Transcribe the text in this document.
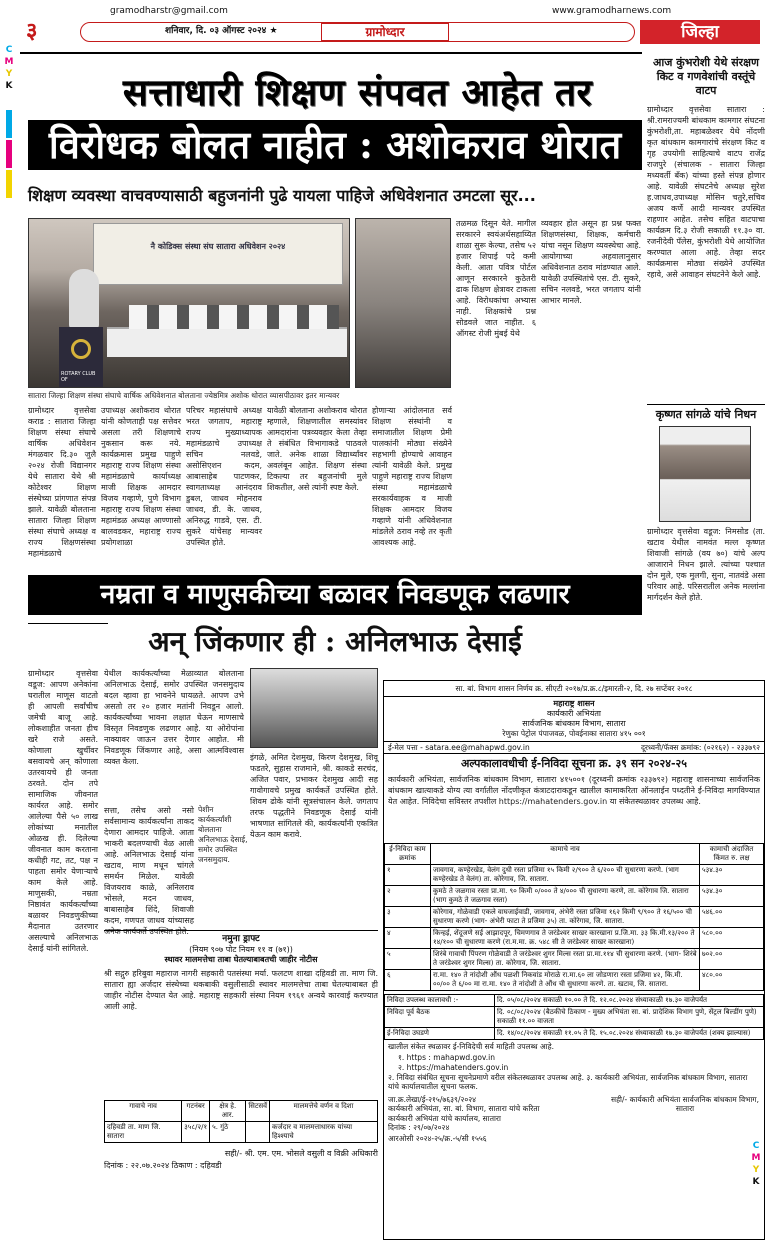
C
M
Y
K
C
M
Y
K
३
gramodharstr@gmail.com	www.gramodharnews.com
शनिवार, दि. ०३ ऑगस्ट २०२४ ★	ग्रामोध्दार	जिल्हा
सत्ताधारी शिक्षण संपवत आहेत तर
विरोधक बोलत नाहीत : अशोकराव थोरात
शिक्षण व्यवस्था वाचवण्यासाठी बहुजनांनी पुढे यायला पाहिजे अधिवेशनात उमटला सूर...
नै कोडिक्स संस्था संघ सातारा अधिवेशन २०२४
ROTARY CLUB OF
सातारा जिल्हा शिक्षण संस्था संघाचे वार्षिक अधिवेशनात बोलताना ज्येष्ठमित्र अशोक थोरात व्यासपीठावर इतर मान्यवर
ग्रामोध्दार वृत्तसेवा कराड : सातारा जिल्हा शिक्षण संस्था संघाचे वार्षिक अधिवेशन मंगळवार दि.३० जुलै २०२४ रोजी विद्यानगर येथे सातारा येथे श्री कोटेश्वर शिक्षण संस्थेच्या प्रांगणात संपन्न झाले. यावेळी बोलताना सातारा जिल्हा शिक्षण संस्था संघाचे अध्यक्ष व राज्य शिक्षणसंस्था महामंडळाचे
उपाध्यक्ष अशोकराव थोरात यांनी कोणताही पक्ष सत्तेवर असला तरी शिक्षणाचे नुकसान करू नये. कार्यक्रमास प्रमुख पाहुणे महाराष्ट्र राज्य शिक्षण संस्था महामंडळाचे कार्याध्यक्ष माजी शिक्षक आमदार विजय गव्हाणे, पुणे विभाग महाराष्ट्र राज्य शिक्षण संस्था महामंडळ अध्यक्ष आण्णासो बालवडकर, महाराष्ट्र राज्य प्रयोगशाळा
परिचर महासंघाचे अध्यक्ष भरत जगताप, महाराष्ट्र राज्य मुख्याध्यापक महामंडळाचे उपाध्यक्ष सचिन नलवडे, असोसिएशन कदम, आबासाहेब पाटणकर, स्वागताध्यक्ष आनंदराव डुबल, जाधव मोहनराव जाधव, डी. के. जाधव, अनिरुद्ध गाडवे, एस. टी. सुकरे यांचेसह मान्यवर उपस्थित होते.
यावेळी बोलताना अशोकराव थोरात म्हणाले, शिक्षणातील समस्यांवर आमदारांना पत्रव्यवहार केला तेव्हा ते संबंधित विभागाकडे पाठवले जाते. अनेक शाळा विद्यार्थ्यांवर अवलंबून आहेत. शिक्षण संस्था टिकल्या तर बहुजनांची मुले शिकतील, असे त्यांनी स्पष्ट केले.
तळमळ दिसून येते. मागील सरकारने स्वयंअर्थसहाय्यित शाळा सुरू केल्या, तसेच ५२ हजार शिपाई पदे कमी केली. आता पवित्र पोर्टल आणून सरकारने कुठेतरी ढाक शिक्षण क्षेत्रावर टाकला आहे. विरोधकांचा अभ्यास नाही. शिक्षकांचे प्रश्न सोडवले जात नाहीत. ६ ऑगस्ट रोजी मुंबई येथे
व्यवहार होत असून हा प्रश्न फक्त शिक्षणसंस्था, शिक्षक, कर्मचारी यांचा नसून शिक्षण व्यवस्थेचा आहे. आयोगाच्या अहवालानुसार अधिवेशनात ठराव मांडण्यात आले. यावेळी उपस्थितांचे एस. टी. सुकरे, सचिन नलवडे, भरत जगताप यांनी आभार मानले.
होणाऱ्या आंदोलनात सर्व शिक्षण संस्थांनी व समाजातील शिक्षण प्रेमी पालकांनी मोठ्या संख्येने सहभागी होण्याचे आवाहन त्यांनी यावेळी केले. प्रमुख पाहुणे महाराष्ट्र राज्य शिक्षण संस्था महामंडळाचे सरकार्यवाहक व माजी शिक्षक आमदार विजय गव्हाणे यांनी अधिवेशनात मांडलेले ठराव नव्हे तर कृती आवश्यक आहे.
आज कुंभरोशी येथे संरक्षण किट व गणवेशांची वस्तूंचे वाटप
ग्रामोध्दार वृत्तसेवा सातारा : श्री.रामराज्यमी बांधकाम कामगार संघटना कुंभरोशी,ता. महाबळेश्वर येथे नोंदणी कृत बांधकाम कामगारांचे संरक्षण किट व गृह उपयोगी साहित्याचे वाटप राजेंद्र राजपुरे (संचालक - सातारा जिल्हा मध्यवर्ती बँक) यांच्या हस्ते संपन्न होणार आहे. यावेळी संघटनेचे अध्यक्ष सुरेश ह.जाधव,उपाध्यक्ष मोसिन चतुरे,सचिव अजय कर्णे आदी मान्यवर उपस्थित राहणार आहेत. तसेच सहित वाटपाचा कार्यक्रम दि.३ रोजी सकाळी ११.३० वा. रजनीदेवी पॅलेस, कुंभरोशी येथे आयोजित करण्यात आला आहे. तेव्हा सदर कार्यक्रमास मोठ्या संख्येने उपस्थित रहावे, असे आवाहन संघटनेने केले आहे.
कृष्णत सांगळे यांचे निधन
ग्रामोध्दार वृत्तसेवा वडूज: निमसोड (ता. खटाव येथील नामवंत मल्ल कृष्णत शिवाजी सांगळे (वय ७०) यांचे अल्प आजाराने निधन झाले. त्यांच्या पश्चात दोन मुले, एक मुलगी, सुना, नातवंडे असा परिवार आहे. परिसरातील अनेक मल्लांना मार्गदर्शन केले होते.
नम्रता व माणुसकीच्या बळावर निवडणूक लढणार
अन् जिंकणार ही : अनिलभाऊ देसाई
ग्रामोध्दार वृत्तसेवा वडूज: आपण अनेकांना घरातील माणूस वाटतो ही आपली सर्वांचीच जमेची बाजू आहे. लोकशाहीत जनता हीच खरे राजे असते. कोणाला खुर्चीवर बसवायचे अन् कोणाला उतरवायचे ही जनता ठरवते. दोन तपे सामाजिक जीवनात कार्यरत आहे. समोर आलेल्या पैसे ५० लाख लोकांच्या मनातील ओळख ही. दिलेल्या जीवनात काम करताना कधीही गट, तट, पक्ष न पाहता समोर येणाऱ्याचे काम केले आहे. माणुसकी, नम्रता निष्ठावंत कार्यकर्त्यांच्या बळावर निवडणुकीच्या मैदानात उतरणार असल्याचे अनिलभाऊ देसाई यांनी सांगितले.
येथील कार्यकर्त्यांच्या मेळाव्यात बोलताना अनिलभाऊ देसाई, समोर उपस्थित जनसमुदाय बदल व्हावा हा भावनेने घायळते. आपण उभे असतो तर २० हजार मतांनी निवडून आलो. कार्यकर्त्यांच्या भावना लक्षात घेऊन माणसाचे विस्तृत निवडणुक लढणार आहे. या ओरोपांना नाक्यावर जाऊन उत्तर देणार आहोत. मी निवडणूक जिंकणार आहे, असा आत्मविश्वास व्यक्त केला.
सत्ता, तसेच असो नसो सर्वसामान्य कार्यकर्त्यांना ताकद देणारा आमदार पाहिजे. आता भाकरी बदलण्याची वेळ आली आहे. अनिलभाऊ देसाई यांना खटाव, माण मधून चांगले समर्थन मिळेल. यावेळी विजयराव काळे, अनिलराव भोसले, मदन जाधव, बाबासाहेब शिंदे, शिवाजी कदम, गणपत जाधव यांच्यासह अनेक कार्यकर्ते उपस्थित होते.
इंगळे, अमित देशमुख, किरण देशमुख, शिवू फडतरे, सुहास राजमाने, श्री. काकडे सरचंद, अजित पवार, प्रभाकर देशमुख आदी सह गावोगावचे प्रमुख कार्यकर्ते उपस्थित होते. शिवम ढोके यांनी सूत्रसंचालन केले. जगताप तरफ पद्धतीने निवडणूक देसाई यांनी भाषणात सांगितले की, कार्यकर्त्यांनी एकत्रित येऊन काम करावे.
पेशीन कार्यकर्त्यांशी बोलताना अनिलभाऊ देसाई, समोर उपस्थित जनसमुदाय.
नमुना ड्राफ्ट
(नियम ९०७ पोट नियम ११ व (७१))
स्थावर मालमत्तेचा ताबा घेतल्याबाबतची जाहीर नोटीस
श्री सद्गुरु हरिबुवा महाराज नागरी सहकारी पतसंस्था मर्या. फलटण शाखा दहिवडी ता. माण जि. सातारा ह्या अर्जदार संस्थेच्या थकबाकी वसुलीसाठी स्थावर मालमत्तेचा ताबा घेतल्याबाबत ही जाहीर नोटीस देण्यात येत आहे. महाराष्ट्र सहकारी संस्था नियम १९६१ अन्वये कारवाई करण्यात आली आहे.
गावाचे नाव	गटनंबर	क्षेत्र हे. आर.	सिटसर्वे	मालमत्तेचे वर्णन व दिशा
दहिवडी ता. माण जि. सातारा	३५८/२/१	५. गुंठे		कर्जदार व मालमत्ताधारक यांच्या हिश्श्याचे
सही/- श्री. एम. एम. भोसले वसुली व विक्री अधिकारी
दिनांक : २२.०७.२०२४ ठिकाण : दहिवडी
सा. बां. विभाग शासन निर्णय क्र. सीएटी २०१७/प्र.क्र.८/इमारती-२, दि. २७ सप्टेंबर २०१८
महाराष्ट्र शासन
कार्यकारी अभियंता
सार्वजनिक बांधकाम विभाग, सातारा
रेणुका पेट्रोल पंपाजवळ, पोवईनाका सातारा ४१५ ००१
ई-मेल पत्ता - satara.ee@mahapwd.gov.in	दूरध्वनी/फॅक्स क्रमांक: (०२१६२) - २३३७९२
अल्पकालावधीची ई-निविदा सूचना क्र. ३९ सन २०२४-२५
कार्यकारी अभियंता, सार्वजनिक बांधकाम विभाग, सातारा ४१५००१ (दूरध्वनी क्रमांक २३३७९२) महाराष्ट्र शासनाच्या सार्वजनिक बांधकाम खात्याकडे योग्य त्या वर्गातील नोंदणीकृत कंत्राटदाराकडून खालील कामाकरिता ऑनलाईन पध्दतीने ई-निविदा मागविण्यात येत आहेत. निविदेचा सविस्तर तपशील https://mahatenders.gov.in या संकेतस्थळावर उपलब्ध आहे.
ई-निविदा काम क्रमांक	कामाचे नाव	कामाची अंदाजित किंमत रु. लक्ष
१	जावगाव, कण्हेरखेड, वेलंग दुधी रस्ता प्रजिमा १५ किमी २/९०० ते ६/२०० ची सुधारणा करणे. (भाग कण्हेरखेड ते वेलंग) ता. कोरेगाव, जि. सातारा.	५३४.३०
२	कुमठे ते जळगाव रस्ता प्रा.मा. ९० किमी ०/००० ते ४/००० ची सुधारणा करणे, ता. कोरेगाव जि. सातारा (भाग कुमठे ते जळगाव रस्ता)	५३४.३०
३	कोरेगाव, गोळेवाडी एकले वाघजाईवाडी, जावगाव, अंभेरी रस्ता प्रजिमा १६२ किमी ९/९०० ते १६/५०० ची सुधारणा करणे (भाग- अंभेरी फाटा ते प्रजिमा ३५) ता. कोरेगाव, जि. सातारा.	५४६.००
४	किन्हई, शेंदूजणे सई आझादपूर, चिमणगाव ते जरंडेश्वर साखर कारखाना प्र.जि.मा. ३३ कि.मी.१३/२०० ते १४/१०० ची सुधारणा करणे (रा.म.मा. क्र. ५४८ सी ते जरंडेश्वर साखर कारखाना)	५८०.००
५	शिरंबे गावाची पिंपरण गोळेवाडी ते जरंडेश्वर शुगर मिल्स रस्ता प्रा.मा.११४ ची सुधारणा करणे. (भाग- शिरंबे ते जरंडेश्वर शुगर मिल्स) ता. कोरेगाव, जि. सातारा.	७०२.००
६	रा.मा. १४० ते नांदोशी औंध पळशी निकवांड मोराळे रा.मा.६० ला जोडणारा रस्ता प्रजिमा ४२, कि.मी. ००/०० ते ६/०० मा रा.मा. १४० ते नांदोशी ते औंध ची सुधारणा करणे. ता. खटाव, जि. सातारा.	४८०.००
निविदा उपलब्ध कालावधी :-	दि. ०५/०८/२०२४ सकाळी १०.०० ते दि. १२.०८.२०२४ संध्याकाळी १७.३० वाजेपर्यंत
निविदा पूर्व बैठक	दि. ०८/०८/२०२४ (बैठकीचे ठिकाण - मुख्य अभियंता सा. बां. प्रादेशिक विभाग पुणे, सेंट्रल बिल्डींग पुणे) सकाळी ११.०० वाजता
ई-निविदा उघडणे	दि. १४/०८/२०२४ सकाळी ११.०५ ते दि. १५.०८.२०२४ संध्याकाळी १७.३० वाजेपर्यंत (शक्य झाल्यास)
खालील संकेत स्थळावर ई-निविदेची सर्व माहिती उपलब्ध आहे.
१. https : mahapwd.gov.in
२. https://mahatenders.gov.in
२. निविदा संबंधित सूचना सूचनेप्रमाणे वरील संकेतस्थळावर उपलब्ध आहे. ३. कार्यकारी अभियंता, सार्वजनिक बांधकाम विभाग, सातारा यांचे कार्यालयातील सूचना फलक.
जा.क्र.लेखा/ई-२१५/७६३९/२०२४
कार्यकारी अभियंता, सा. बां. विभाग, सातारा यांचे करिता
कार्यकारी अभियंता यांचे कार्यालय, सातारा
दिनांक : २९/०७/२०२४
सही/- कार्यकारी अभियंता सार्वजनिक बांधकाम विभाग, सातारा
आरओसी २०२४-२५/क्र.-५/सी १५५६
